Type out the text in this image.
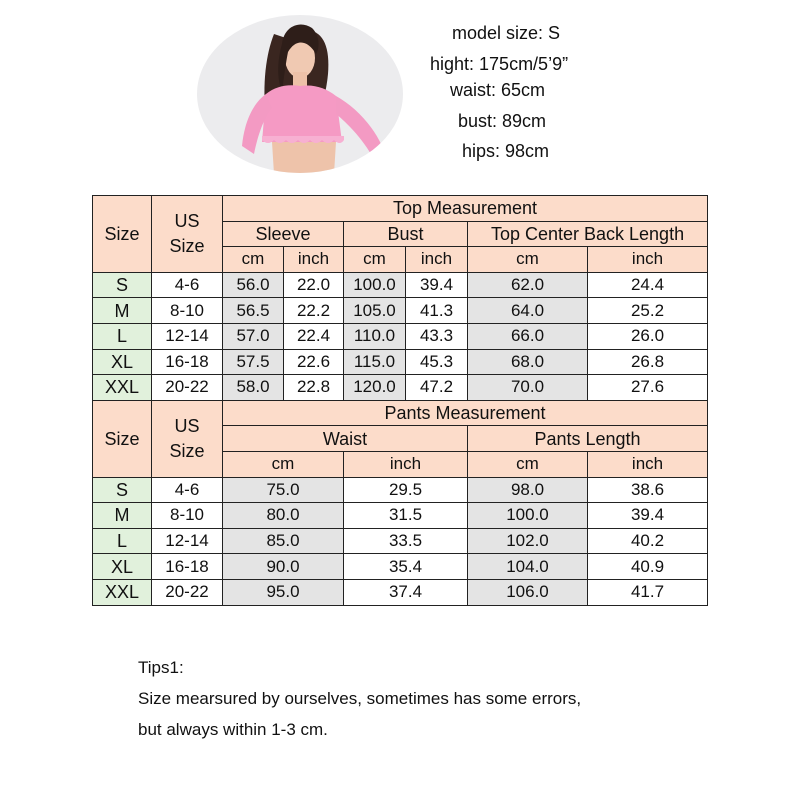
model size: S
hight: 175cm/5’9”
waist: 65cm
bust: 89cm
hips: 98cm
Size	US Size	Top Measurement					
		Sleeve		Bust		Top Center Back Length	
		cm	inch	cm	inch	cm	inch
S	4-6	56.0	22.0	100.0	39.4	62.0	24.4
M	8-10	56.5	22.2	105.0	41.3	64.0	25.2
L	12-14	57.0	22.4	110.0	43.3	66.0	26.0
XL	16-18	57.5	22.6	115.0	45.3	68.0	26.8
XXL	20-22	58.0	22.8	120.0	47.2	70.0	27.6
Size	US Size	Pants Measurement					
		Waist				Pants Length	
		cm		inch		cm	inch
S	4-6	75.0		29.5		98.0	38.6
M	8-10	80.0		31.5		100.0	39.4
L	12-14	85.0		33.5		102.0	40.2
XL	16-18	90.0		35.4		104.0	40.9
XXL	20-22	95.0		37.4		106.0	41.7
Tips1:
Size mearsured by ourselves, sometimes has some errors,
but always within 1-3 cm.
